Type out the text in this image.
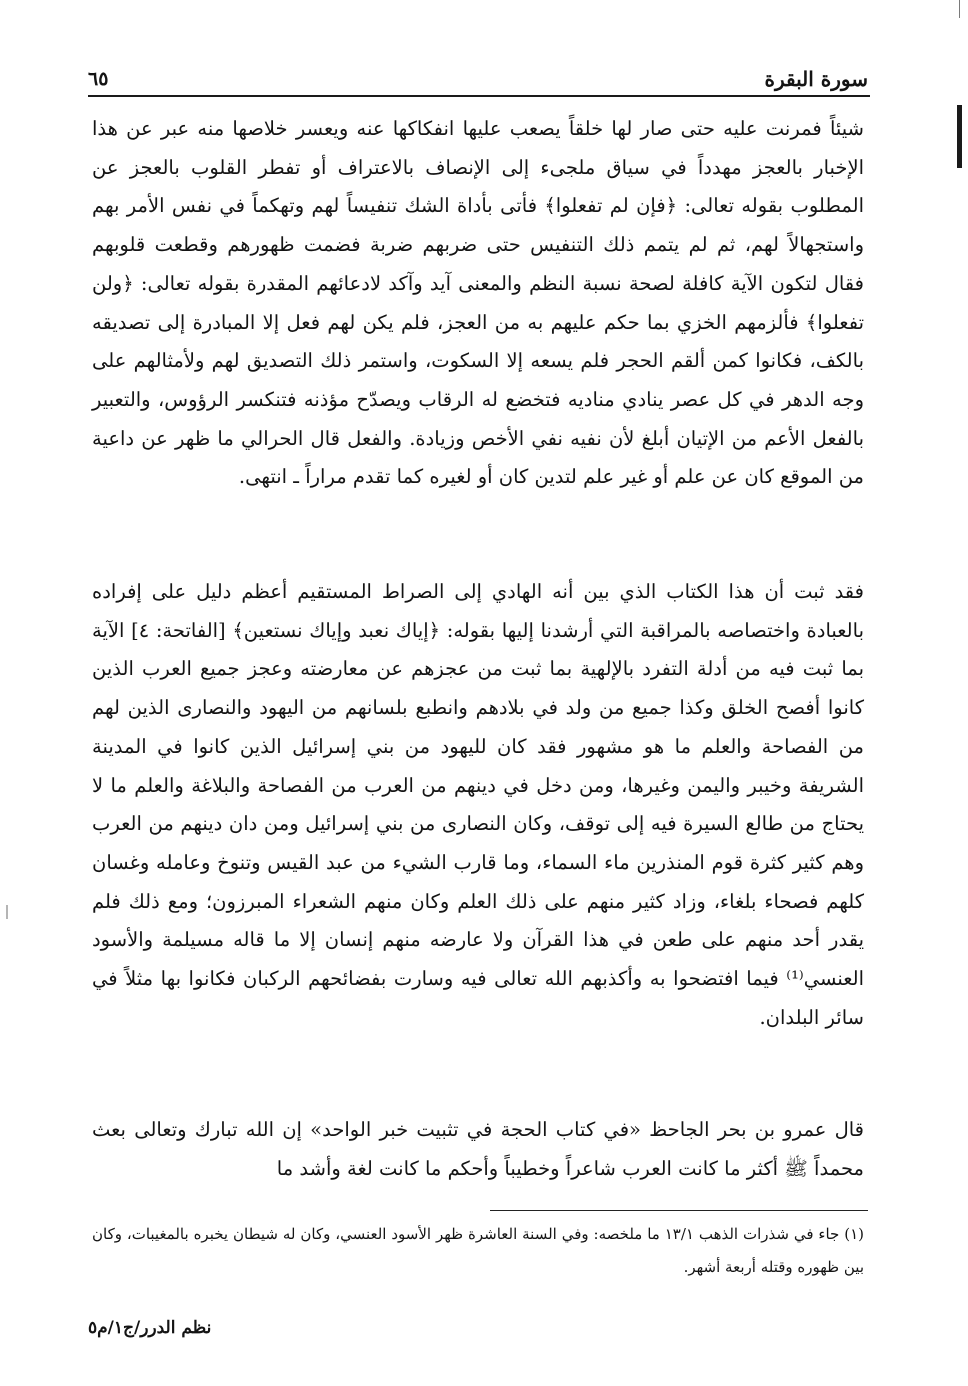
سورة البقرة
٦٥

شيئاً فمرنت عليه حتى صار لها خلقاً يصعب عليها انفكاكها عنه ويعسر خلاصها منه عبر عن هذا الإخبار بالعجز مهدداً في سياق ملجىء إلى الإنصاف بالاعتراف أو تفطر القلوب بالعجز عن المطلوب بقوله تعالى: ﴿فإن لم تفعلوا﴾ فأتى بأداة الشك تنفيساً لهم وتهكماً في نفس الأمر بهم واستجهالاً لهم، ثم لم يتمم ذلك التنفيس حتى ضربهم ضربة فضمت ظهورهم وقطعت قلوبهم فقال لتكون الآية كافلة لصحة نسبة النظم والمعنى آيد وآكد لادعائهم المقدرة بقوله تعالى: ﴿ولن تفعلوا﴾ فألزمهم الخزي بما حكم عليهم به من العجز، فلم يكن لهم فعل إلا المبادرة إلى تصديقه بالكف، فكانوا كمن ألقم الحجر فلم يسعه إلا السكوت، واستمر ذلك التصديق لهم ولأمثالهم على وجه الدهر في كل عصر ينادي مناديه فتخضع له الرقاب ويصدّح مؤذنه فتنكسر الرؤوس، والتعبير بالفعل الأعم من الإتيان أبلغ لأن نفيه نفي الأخص وزيادة. والفعل قال الحرالي ما ظهر عن داعية من الموقع كان عن علم أو غير علم لتدين كان أو لغيره كما تقدم مراراً ـ انتهى.

فقد ثبت أن هذا الكتاب الذي بين أنه الهادي إلى الصراط المستقيم أعظم دليل على إفراده بالعبادة واختصاصه بالمراقبة التي أرشدنا إليها بقوله: ﴿إياك نعبد وإياك نستعين﴾ [الفاتحة: ٤] الآية بما ثبت فيه من أدلة التفرد بالإلهية بما ثبت من عجزهم عن معارضته وعجز جميع العرب الذين كانوا أفصح الخلق وكذا جميع من ولد في بلادهم وانطبع بلسانهم من اليهود والنصارى الذين لهم من الفصاحة والعلم ما هو مشهور فقد كان لليهود من بني إسرائيل الذين كانوا في المدينة الشريفة وخيبر واليمن وغيرها، ومن دخل في دينهم من العرب من الفصاحة والبلاغة والعلم ما لا يحتاج من طالع السيرة فيه إلى توقف، وكان النصارى من بني إسرائيل ومن دان دينهم من العرب وهم كثير كثرة قوم المنذرين ماء السماء، وما قارب الشيء من عبد القيس وتنوخ وعامله وغسان كلهم فصحاء بلغاء، وزاد كثير منهم على ذلك العلم وكان منهم الشعراء المبرزون؛ ومع ذلك فلم يقدر أحد منهم على طعن في هذا القرآن ولا عارضه منهم إنسان إلا ما قاله مسيلمة والأسود العنسي⁽¹⁾ فيما افتضحوا به وأكذبهم الله تعالى فيه وسارت بفضائحهم الركبان فكانوا بها مثلاً في سائر البلدان.

قال عمرو بن بحر الجاحظ «في كتاب الحجة في تثبيت خبر الواحد» إن الله تبارك وتعالى بعث محمداً ﷺ أكثر ما كانت العرب شاعراً وخطيباً وأحكم ما كانت لغة وأشد ما

(١) جاء في شذرات الذهب ١٣/١ ما ملخصه: وفي السنة العاشرة ظهر الأسود العنسي، وكان له شيطان يخبره بالمغيبات، وكان بين ظهوره وقتله أربعة أشهر.

نظم الدرر/ج١/م٥
